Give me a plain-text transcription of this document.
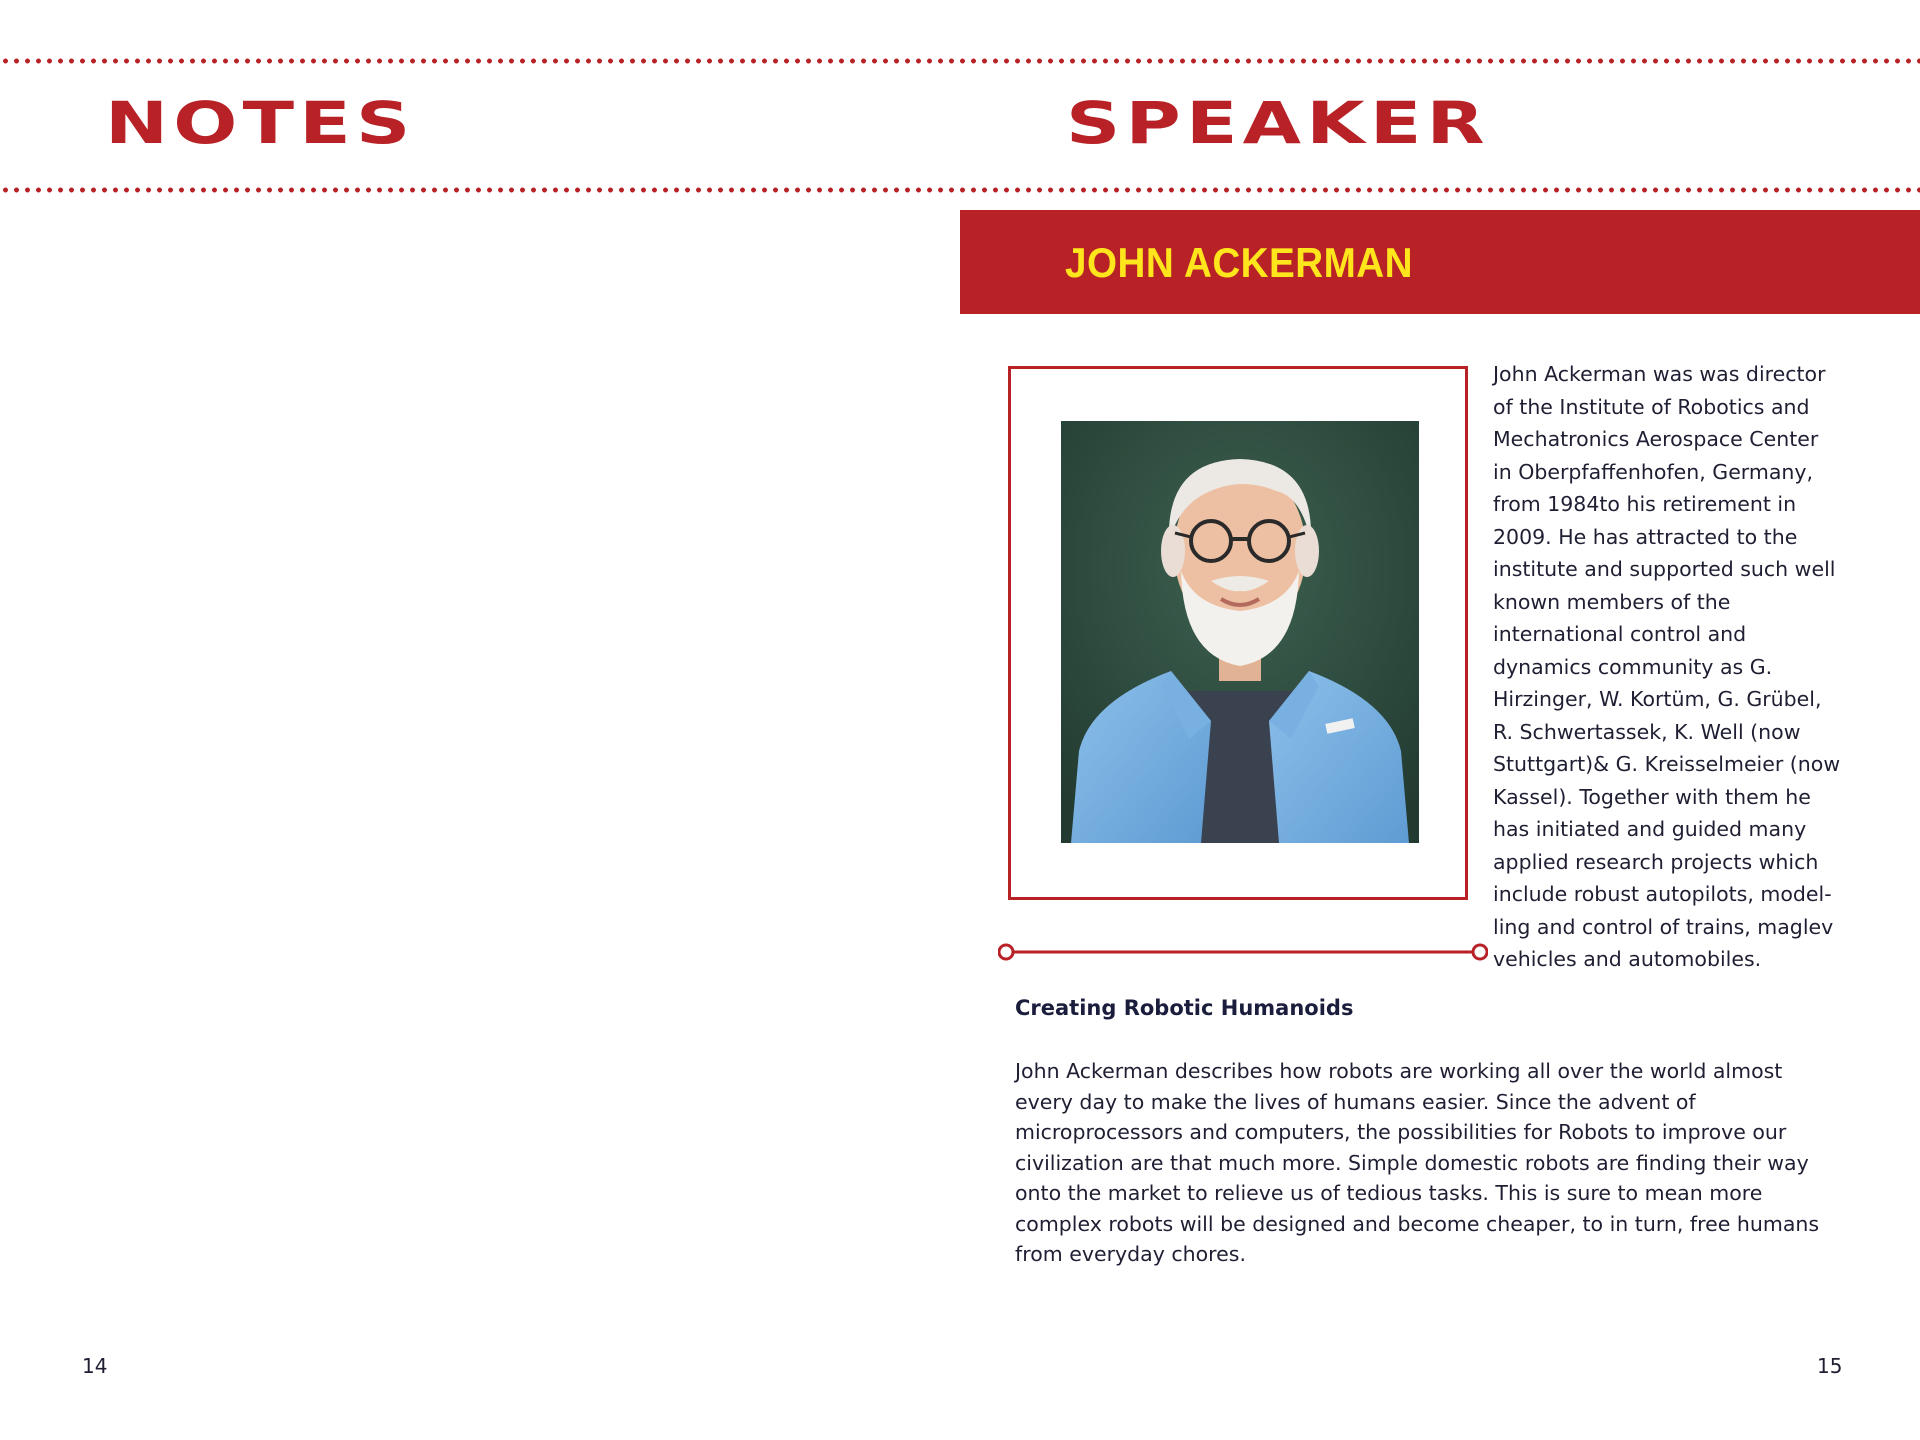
NOTES	SPEAKER
JOHN ACKERMAN

John Ackerman was was director of the Institute of Robotics and Mechatronics Aerospace Center in Oberpfaffenhofen, Germany, from 1984to his retirement in 2009. He has attracted to the institute and supported such well known members of the international control and dynamics community as G. Hirzinger, W. Kortüm, G. Grübel, R. Schwertassek, K. Well (now Stuttgart)& G. Kreisselmeier (now Kassel). Together with them he has initiated and guided many applied research projects which include robust autopilots, model-ling and control of trains, maglev vehicles and automobiles.

Creating Robotic Humanoids

John Ackerman describes how robots are working all over the world almost every day to make the lives of humans easier. Since the advent of microprocessors and computers, the possibilities for Robots to improve our civilization are that much more. Simple domestic robots are finding their way onto the market to relieve us of tedious tasks. This is sure to mean more complex robots will be designed and become cheaper, to in turn, free humans from everyday chores.

14	15
